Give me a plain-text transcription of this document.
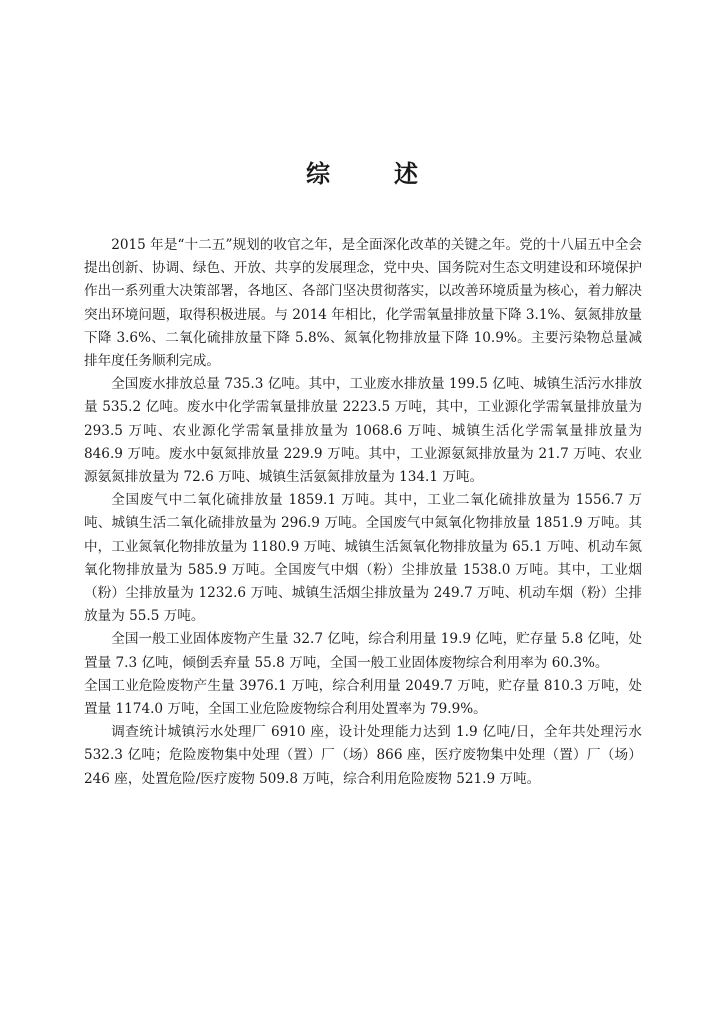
综　述

2015 年是“十二五”规划的收官之年，是全面深化改革的关键之年。党的十八届五中全会提出创新、协调、绿色、开放、共享的发展理念，党中央、国务院对生态文明建设和环境保护作出一系列重大决策部署，各地区、各部门坚决贯彻落实，以改善环境质量为核心，着力解决突出环境问题，取得积极进展。与 2014 年相比，化学需氧量排放量下降 3.1%、氨氮排放量下降 3.6%、二氧化硫排放量下降 5.8%、氮氧化物排放量下降 10.9%。主要污染物总量减排年度任务顺利完成。

全国废水排放总量 735.3 亿吨。其中，工业废水排放量 199.5 亿吨、城镇生活污水排放量 535.2 亿吨。废水中化学需氧量排放量 2223.5 万吨，其中，工业源化学需氧量排放量为 293.5 万吨、农业源化学需氧量排放量为 1068.6 万吨、城镇生活化学需氧量排放量为 846.9 万吨。废水中氨氮排放量 229.9 万吨。其中，工业源氨氮排放量为 21.7 万吨、农业源氨氮排放量为 72.6 万吨、城镇生活氨氮排放量为 134.1 万吨。

全国废气中二氧化硫排放量 1859.1 万吨。其中，工业二氧化硫排放量为 1556.7 万吨、城镇生活二氧化硫排放量为 296.9 万吨。全国废气中氮氧化物排放量 1851.9 万吨。其中，工业氮氧化物排放量为 1180.9 万吨、城镇生活氮氧化物排放量为 65.1 万吨、机动车氮氧化物排放量为 585.9 万吨。全国废气中烟（粉）尘排放量 1538.0 万吨。其中，工业烟（粉）尘排放量为 1232.6 万吨、城镇生活烟尘排放量为 249.7 万吨、机动车烟（粉）尘排放量为 55.5 万吨。

全国一般工业固体废物产生量 32.7 亿吨，综合利用量 19.9 亿吨，贮存量 5.8 亿吨，处置量 7.3 亿吨，倾倒丢弃量 55.8 万吨，全国一般工业固体废物综合利用率为 60.3%。

全国工业危险废物产生量 3976.1 万吨，综合利用量 2049.7 万吨，贮存量 810.3 万吨，处置量 1174.0 万吨，全国工业危险废物综合利用处置率为 79.9%。

调查统计城镇污水处理厂 6910 座，设计处理能力达到 1.9 亿吨/日，全年共处理污水 532.3 亿吨；危险废物集中处理（置）厂（场）866 座，医疗废物集中处理（置）厂（场）246 座，处置危险/医疗废物 509.8 万吨，综合利用危险废物 521.9 万吨。
